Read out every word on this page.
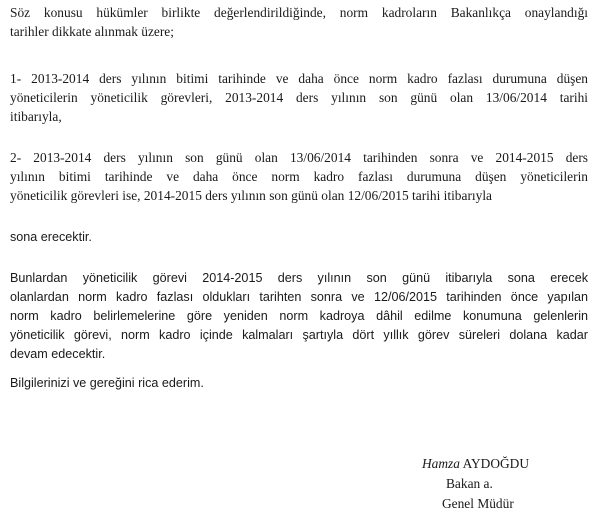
Söz konusu hükümler birlikte değerlendirildiğinde, norm kadroların Bakanlıkça onaylandığı
tarihler dikkate alınmak üzere;

1- 2013-2014 ders yılının bitimi tarihinde ve daha önce norm kadro fazlası durumuna düşen
yöneticilerin yöneticilik görevleri, 2013-2014 ders yılının son günü olan 13/06/2014 tarihi
itibarıyla,

2- 2013-2014 ders yılının son günü olan 13/06/2014 tarihinden sonra ve 2014-2015 ders
yılının bitimi tarihinde ve daha önce norm kadro fazlası durumuna düşen yöneticilerin
yöneticilik görevleri ise, 2014-2015 ders yılının son günü olan 12/06/2015 tarihi itibarıyla

sona erecektir.

Bunlardan yöneticilik görevi 2014-2015 ders yılının son günü itibarıyla sona erecek
olanlardan norm kadro fazlası oldukları tarihten sonra ve 12/06/2015 tarihinden önce yapılan
norm kadro belirlemelerine göre yeniden norm kadroya dâhil edilme konumuna gelenlerin
yöneticilik görevi, norm kadro içinde kalmaları şartıyla dört yıllık görev süreleri dolana kadar
devam edecektir.

Bilgilerinizi ve gereğini rica ederim.

Hamza AYDOĞDU
Bakan a.
Genel Müdür
